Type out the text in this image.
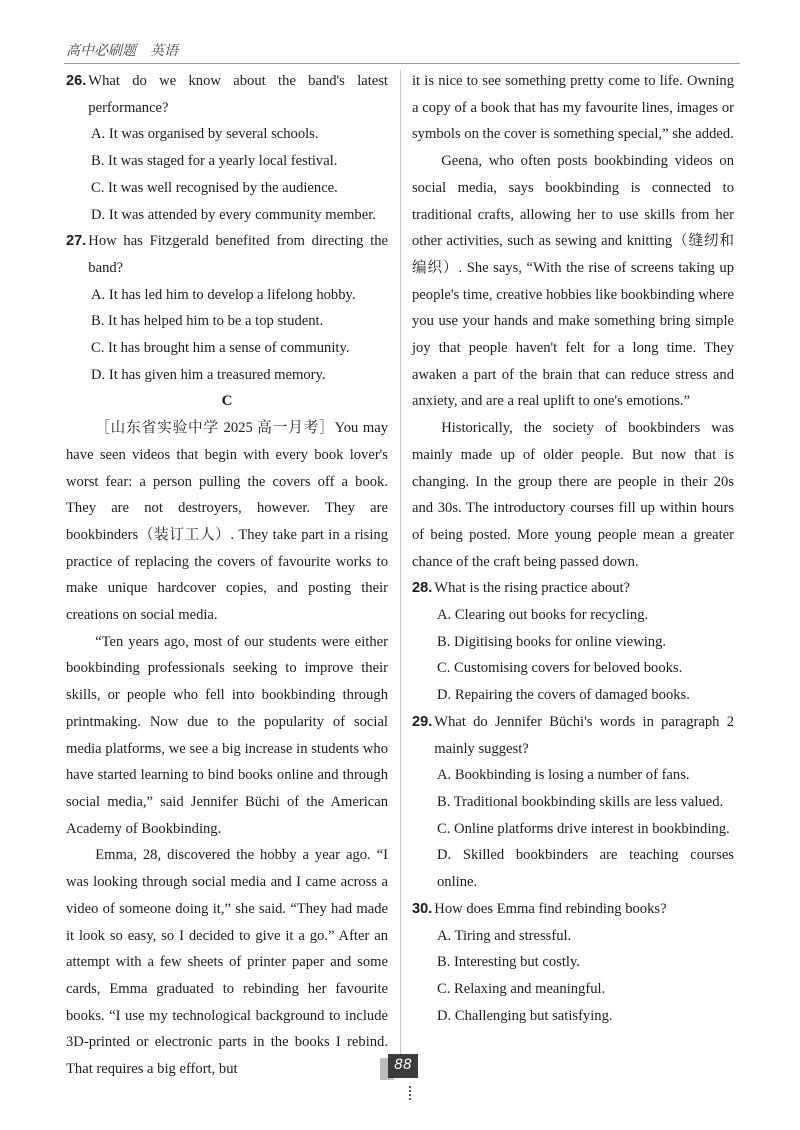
高中必刷题　英语
26. What do we know about the band's latest performance?

A. It was organised by several schools.

B. It was staged for a yearly local festival.

C. It was well recognised by the audience.

D. It was attended by every community member.

27. How has Fitzgerald benefited from directing the band?

A. It has led him to develop a lifelong hobby.

B. It has helped him to be a top student.

C. It has brought him a sense of community.

D. It has given him a treasured memory.

C

［山东省实验中学 2025 高一月考］You may have seen videos that begin with every book lover's worst fear: a person pulling the covers off a book. They are not destroyers, however. They are bookbinders（装订工人）. They take part in a rising practice of replacing the covers of favourite works to make unique hardcover copies, and posting their creations on social media.

“Ten years ago, most of our students were either bookbinding professionals seeking to improve their skills, or people who fell into bookbinding through printmaking. Now due to the popularity of social media platforms, we see a big increase in students who have started learning to bind books online and through social media,” said Jennifer Büchi of the American Academy of Bookbinding.

Emma, 28, discovered the hobby a year ago. “I was looking through social media and I came across a video of someone doing it,” she said. “They had made it look so easy, so I decided to give it a go.” After an attempt with a few sheets of printer paper and some cards, Emma graduated to rebinding her favourite books. “I use my technological background to include 3D-printed or electronic parts in the books I rebind. That requires a big effort, but

it is nice to see something pretty come to life. Owning a copy of a book that has my favourite lines, images or symbols on the cover is something special,” she added.

Geena, who often posts bookbinding videos on social media, says bookbinding is connected to traditional crafts, allowing her to use skills from her other activities, such as sewing and knitting（缝纫和编织）. She says, “With the rise of screens taking up people's time, creative hobbies like bookbinding where you use your hands and make something bring simple joy that people haven't felt for a long time. They awaken a part of the brain that can reduce stress and anxiety, and are a real uplift to one's emotions.”

Historically, the society of bookbinders was mainly made up of older people. But now that is changing. In the group there are people in their 20s and 30s. The introductory courses fill up within hours of being posted. More young people mean a greater chance of the craft being passed down.

28. What is the rising practice about?

A. Clearing out books for recycling.

B. Digitising books for online viewing.

C. Customising covers for beloved books.

D. Repairing the covers of damaged books.

29. What do Jennifer Büchi's words in paragraph 2 mainly suggest?

A. Bookbinding is losing a number of fans.

B. Traditional bookbinding skills are less valued.

C. Online platforms drive interest in bookbinding.

D. Skilled bookbinders are teaching courses online.

30. How does Emma find rebinding books?

A. Tiring and stressful.

B. Interesting but costly.

C. Relaxing and meaningful.

D. Challenging but satisfying.

88
